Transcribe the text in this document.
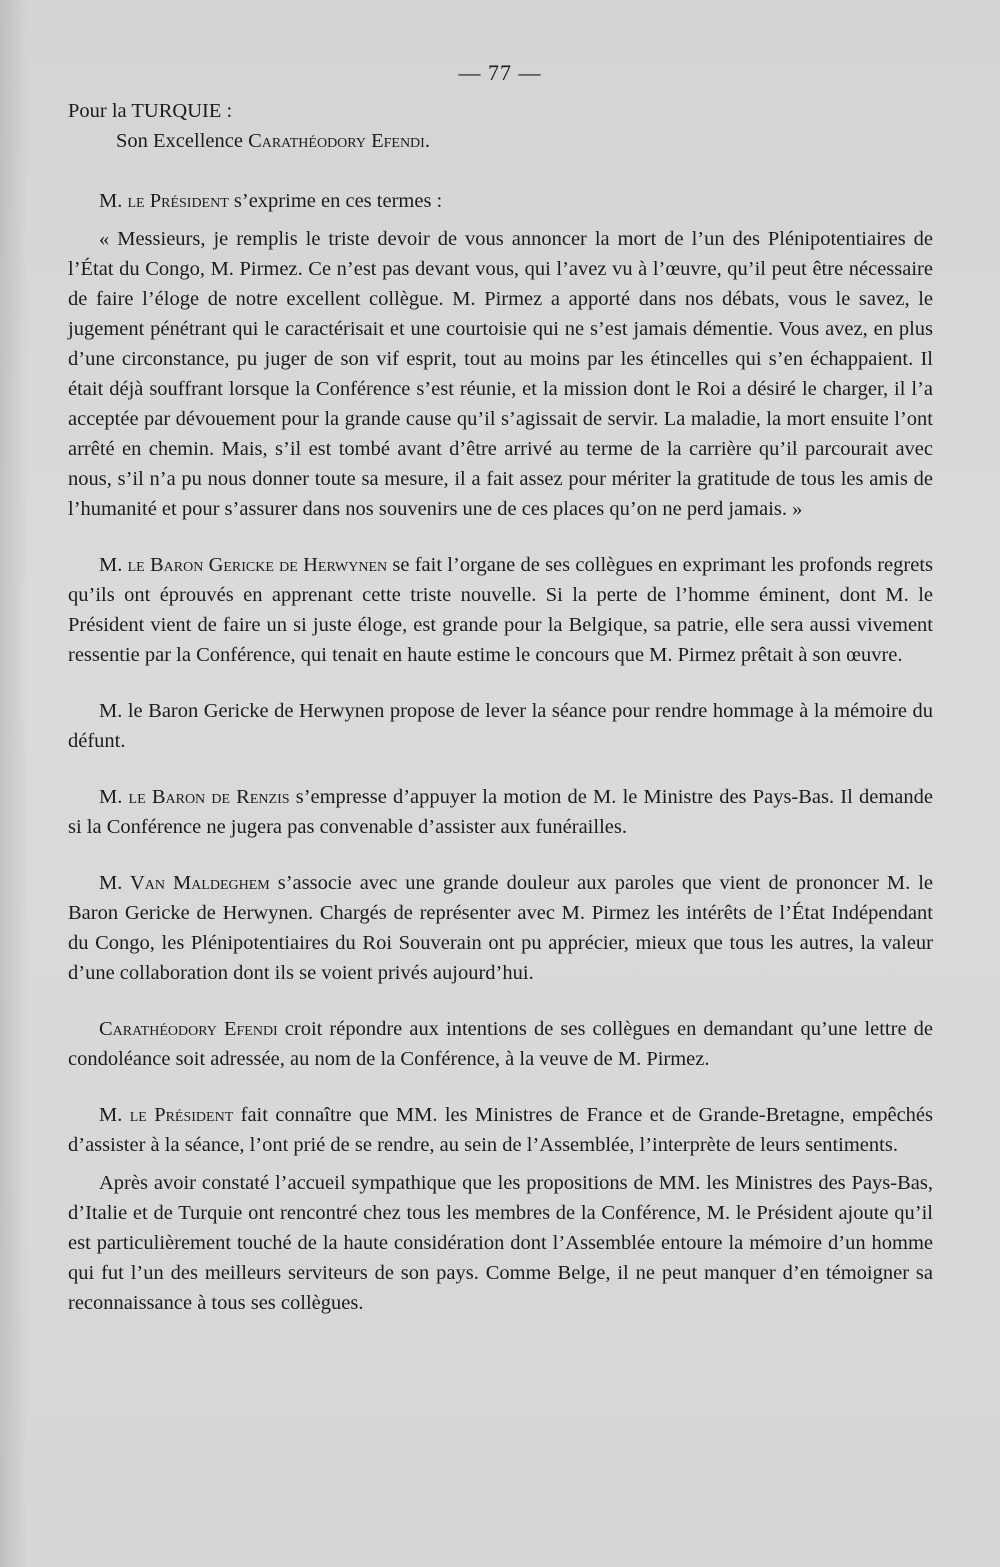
— 77 —

Pour la TURQUIE :

Son Excellence Carathéodory Efendi.

M. le Président s’exprime en ces termes :

« Messieurs, je remplis le triste devoir de vous annoncer la mort de l’un des Plénipotentiaires de l’État du Congo, M. Pirmez. Ce n’est pas devant vous, qui l’avez vu à l’œuvre, qu’il peut être nécessaire de faire l’éloge de notre excellent collègue. M. Pirmez a apporté dans nos débats, vous le savez, le jugement pénétrant qui le caractérisait et une courtoisie qui ne s’est jamais démentie. Vous avez, en plus d’une circonstance, pu juger de son vif esprit, tout au moins par les étincelles qui s’en échappaient. Il était déjà souffrant lorsque la Conférence s’est réunie, et la mission dont le Roi a désiré le charger, il l’a acceptée par dévouement pour la grande cause qu’il s’agissait de servir. La maladie, la mort ensuite l’ont arrêté en chemin. Mais, s’il est tombé avant d’être arrivé au terme de la carrière qu’il parcourait avec nous, s’il n’a pu nous donner toute sa mesure, il a fait assez pour mériter la gratitude de tous les amis de l’humanité et pour s’assurer dans nos souvenirs une de ces places qu’on ne perd jamais. »

M. le Baron Gericke de Herwynen se fait l’organe de ses collègues en exprimant les profonds regrets qu’ils ont éprouvés en apprenant cette triste nouvelle. Si la perte de l’homme éminent, dont M. le Président vient de faire un si juste éloge, est grande pour la Belgique, sa patrie, elle sera aussi vivement ressentie par la Conférence, qui tenait en haute estime le concours que M. Pirmez prêtait à son œuvre.

M. le Baron Gericke de Herwynen propose de lever la séance pour rendre hommage à la mémoire du défunt.

M. le Baron de Renzis s’empresse d’appuyer la motion de M. le Ministre des Pays-Bas. Il demande si la Conférence ne jugera pas convenable d’assister aux funérailles.

M. Van Maldeghem s’associe avec une grande douleur aux paroles que vient de prononcer M. le Baron Gericke de Herwynen. Chargés de représenter avec M. Pirmez les intérêts de l’État Indépendant du Congo, les Plénipotentiaires du Roi Souverain ont pu apprécier, mieux que tous les autres, la valeur d’une collaboration dont ils se voient privés aujourd’hui.

Carathéodory Efendi croit répondre aux intentions de ses collègues en demandant qu’une lettre de condoléance soit adressée, au nom de la Conférence, à la veuve de M. Pirmez.

M. le Président fait connaître que MM. les Ministres de France et de Grande-Bretagne, empêchés d’assister à la séance, l’ont prié de se rendre, au sein de l’Assemblée, l’interprète de leurs sentiments.

Après avoir constaté l’accueil sympathique que les propositions de MM. les Ministres des Pays-Bas, d’Italie et de Turquie ont rencontré chez tous les membres de la Conférence, M. le Président ajoute qu’il est particulièrement touché de la haute considération dont l’Assemblée entoure la mémoire d’un homme qui fut l’un des meilleurs serviteurs de son pays. Comme Belge, il ne peut manquer d’en témoigner sa reconnaissance à tous ses collègues.
